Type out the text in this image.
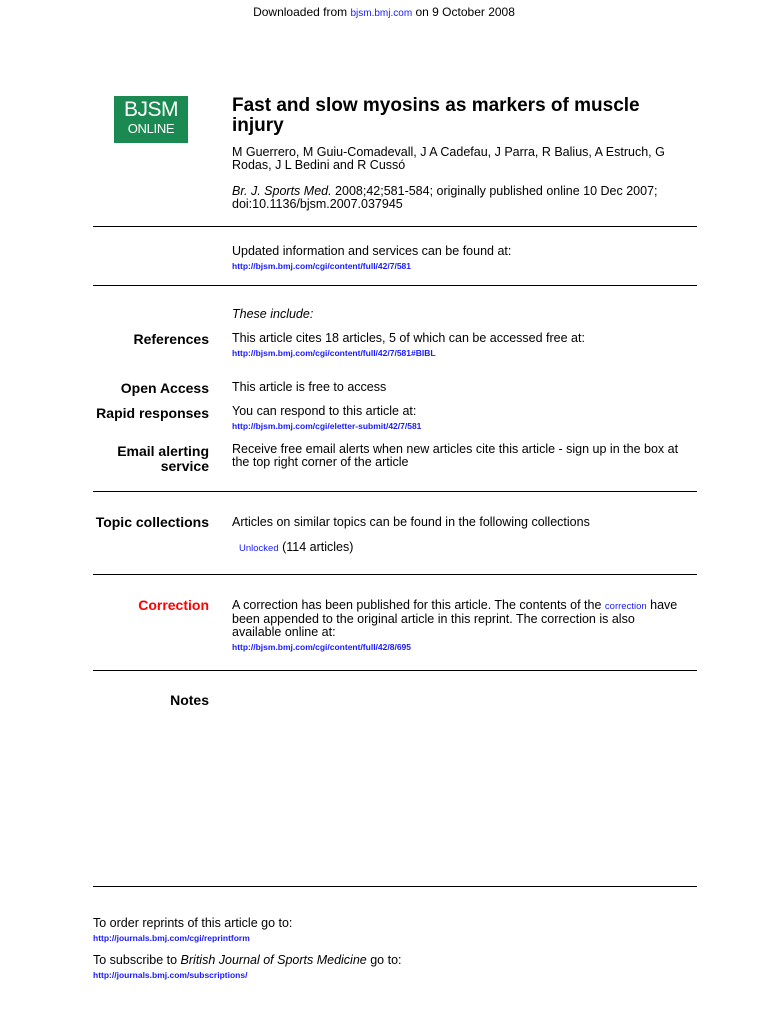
Downloaded from bjsm.bmj.com on 9 October 2008
BJSM
ONLINE
Fast and slow myosins as markers of muscle
injury
M Guerrero, M Guiu-Comadevall, J A Cadefau, J Parra, R Balius, A Estruch, G
Rodas, J L Bedini and R Cussó
Br. J. Sports Med. 2008;42;581-584; originally published online 10 Dec 2007;
doi:10.1136/bjsm.2007.037945
Updated information and services can be found at:
http://bjsm.bmj.com/cgi/content/full/42/7/581
These include:
References This article cites 18 articles, 5 of which can be accessed free at:
http://bjsm.bmj.com/cgi/content/full/42/7/581#BIBL
Open Access This article is free to access
Rapid responses You can respond to this article at:
http://bjsm.bmj.com/cgi/eletter-submit/42/7/581
Email alerting
service
Receive free email alerts when new articles cite this article - sign up in the box at
the top right corner of the article
Topic collections Articles on similar topics can be found in the following collections
Unlocked (114 articles)
Correction A correction has been published for this article. The contents of the correction have
been appended to the original article in this reprint. The correction is also
available online at:
http://bjsm.bmj.com/cgi/content/full/42/8/695
Notes
To order reprints of this article go to:
http://journals.bmj.com/cgi/reprintform
To subscribe to British Journal of Sports Medicine go to:
http://journals.bmj.com/subscriptions/
